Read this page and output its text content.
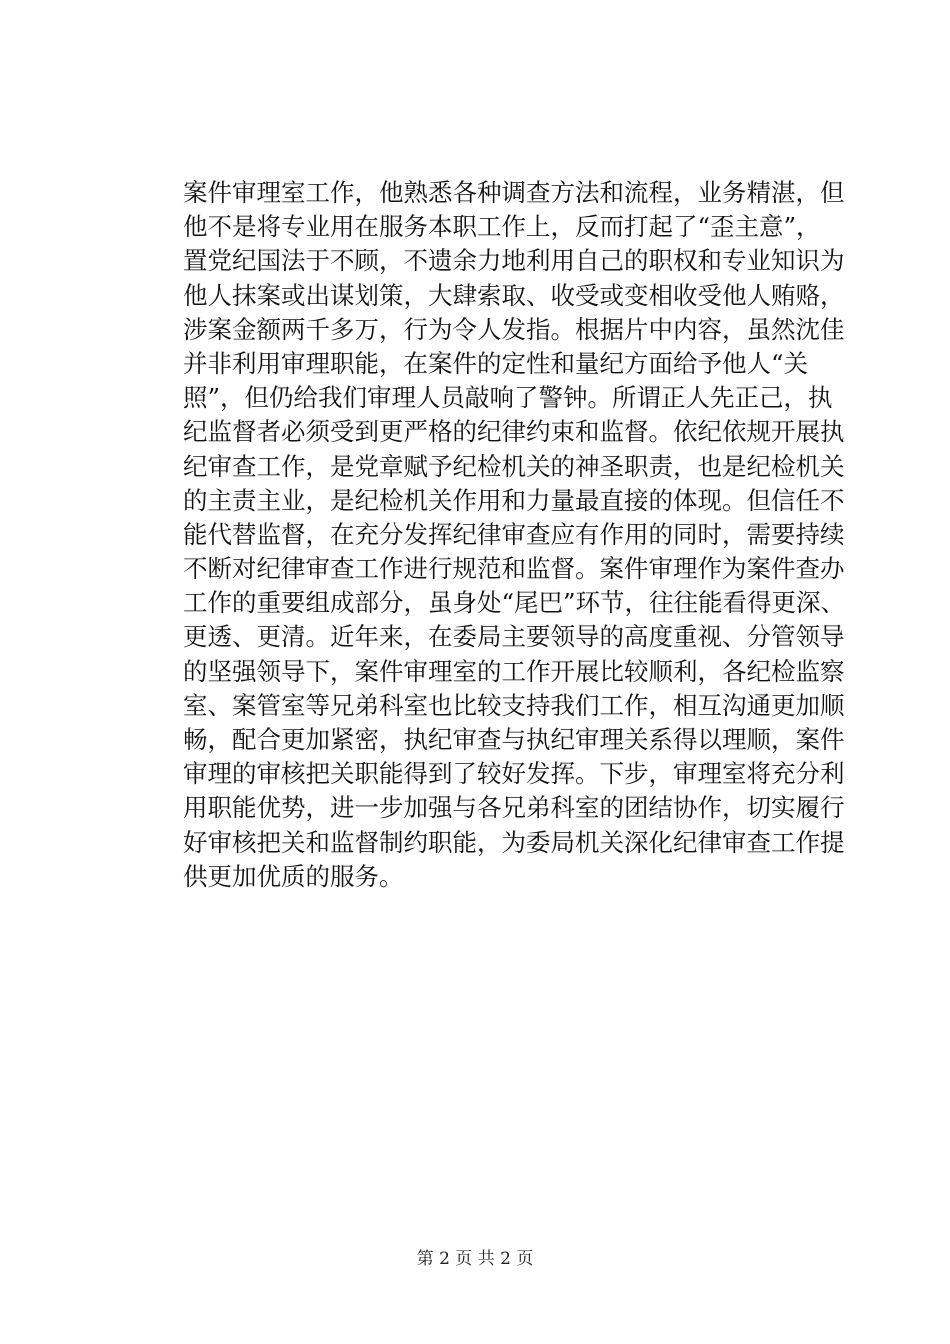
案件审理室工作，他熟悉各种调查方法和流程，业务精湛，但
他不是将专业用在服务本职工作上，反而打起了“歪主意”，
置党纪国法于不顾，不遗余力地利用自己的职权和专业知识为
他人抹案或出谋划策，大肆索取、收受或变相收受他人贿赂，
涉案金额两千多万，行为令人发指。根据片中内容，虽然沈佳
并非利用审理职能，在案件的定性和量纪方面给予他人“关
照”，但仍给我们审理人员敲响了警钟。所谓正人先正己，执
纪监督者必须受到更严格的纪律约束和监督。依纪依规开展执
纪审查工作，是党章赋予纪检机关的神圣职责，也是纪检机关
的主责主业，是纪检机关作用和力量最直接的体现。但信任不
能代替监督，在充分发挥纪律审查应有作用的同时，需要持续
不断对纪律审查工作进行规范和监督。案件审理作为案件查办
工作的重要组成部分，虽身处“尾巴”环节，往往能看得更深、
更透、更清。近年来，在委局主要领导的高度重视、分管领导
的坚强领导下，案件审理室的工作开展比较顺利，各纪检监察
室、案管室等兄弟科室也比较支持我们工作，相互沟通更加顺
畅，配合更加紧密，执纪审查与执纪审理关系得以理顺，案件
审理的审核把关职能得到了较好发挥。下步，审理室将充分利
用职能优势，进一步加强与各兄弟科室的团结协作，切实履行
好审核把关和监督制约职能，为委局机关深化纪律审查工作提
供更加优质的服务。
第 2 页 共 2 页
